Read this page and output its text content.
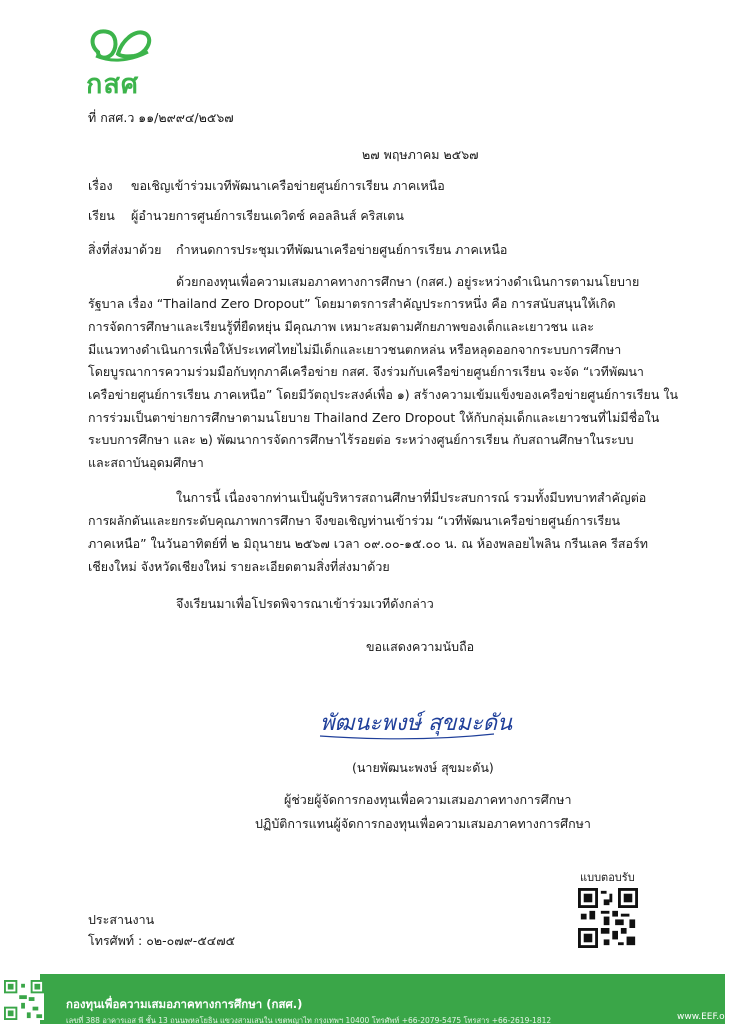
กสศ
ที่ กสศ.ว ๑๑/๒๙๙๔/๒๕๖๗
๒๗ พฤษภาคม ๒๕๖๗
เรื่อง ขอเชิญเข้าร่วมเวทีพัฒนาเครือข่ายศูนย์การเรียน ภาคเหนือ
เรียน ผู้อำนวยการศูนย์การเรียนเดวิดซ์ คอลลินส์ คริสเตน
สิ่งที่ส่งมาด้วย กำหนดการประชุมเวทีพัฒนาเครือข่ายศูนย์การเรียน ภาคเหนือ
ด้วยกองทุนเพื่อความเสมอภาคทางการศึกษา (กสศ.) อยู่ระหว่างดำเนินการตามนโยบาย
รัฐบาล เรื่อง “Thailand Zero Dropout” โดยมาตรการสำคัญประการหนึ่ง คือ การสนับสนุนให้เกิด
การจัดการศึกษาและเรียนรู้ที่ยืดหยุ่น มีคุณภาพ เหมาะสมตามศักยภาพของเด็กและเยาวชน และ
มีแนวทางดำเนินการเพื่อให้ประเทศไทยไม่มีเด็กและเยาวชนตกหล่น หรือหลุดออกจากระบบการศึกษา
โดยบูรณาการความร่วมมือกับทุกภาคีเครือข่าย กสศ. จึงร่วมกับเครือข่ายศูนย์การเรียน จะจัด “เวทีพัฒนา
เครือข่ายศูนย์การเรียน ภาคเหนือ” โดยมีวัตถุประสงค์เพื่อ ๑) สร้างความเข้มแข็งของเครือข่ายศูนย์การเรียน ใน
การร่วมเป็นตาข่ายการศึกษาตามนโยบาย Thailand Zero Dropout ให้กับกลุ่มเด็กและเยาวชนที่ไม่มีชื่อใน
ระบบการศึกษา และ ๒) พัฒนาการจัดการศึกษาไร้รอยต่อ ระหว่างศูนย์การเรียน กับสถานศึกษาในระบบ
และสถาบันอุดมศึกษา
ในการนี้ เนื่องจากท่านเป็นผู้บริหารสถานศึกษาที่มีประสบการณ์ รวมทั้งมีบทบาทสำคัญต่อ
การผลักดันและยกระดับคุณภาพการศึกษา จึงขอเชิญท่านเข้าร่วม “เวทีพัฒนาเครือข่ายศูนย์การเรียน
ภาคเหนือ” ในวันอาทิตย์ที่ ๒ มิถุนายน ๒๕๖๗ เวลา ๐๙.๐๐-๑๕.๐๐ น. ณ ห้องพลอยไพลิน กรีนเลค รีสอร์ท
เชียงใหม่ จังหวัดเชียงใหม่ รายละเอียดตามสิ่งที่ส่งมาด้วย
จึงเรียนมาเพื่อโปรดพิจารณาเข้าร่วมเวทีดังกล่าว
ขอแสดงความนับถือ
พัฒนะพงษ์ สุขมะดัน
(นายพัฒนะพงษ์ สุขมะดัน)
ผู้ช่วยผู้จัดการกองทุนเพื่อความเสมอภาคทางการศึกษา
ปฏิบัติการแทนผู้จัดการกองทุนเพื่อความเสมอภาคทางการศึกษา
แบบตอบรับ
ประสานงาน
โทรศัพท์ : ๐๒-๐๗๙-๕๔๗๕
กองทุนเพื่อความเสมอภาคทางการศึกษา (กสศ.)
เลขที่ 388 อาคารเอส พี ชั้น 13 ถนนพหลโยธิน แขวงสามเสนใน เขตพญาไท กรุงเทพฯ 10400 โทรศัพท์ +66-2079-5475 โทรสาร +66-2619-1812	www.EEF.or.th
